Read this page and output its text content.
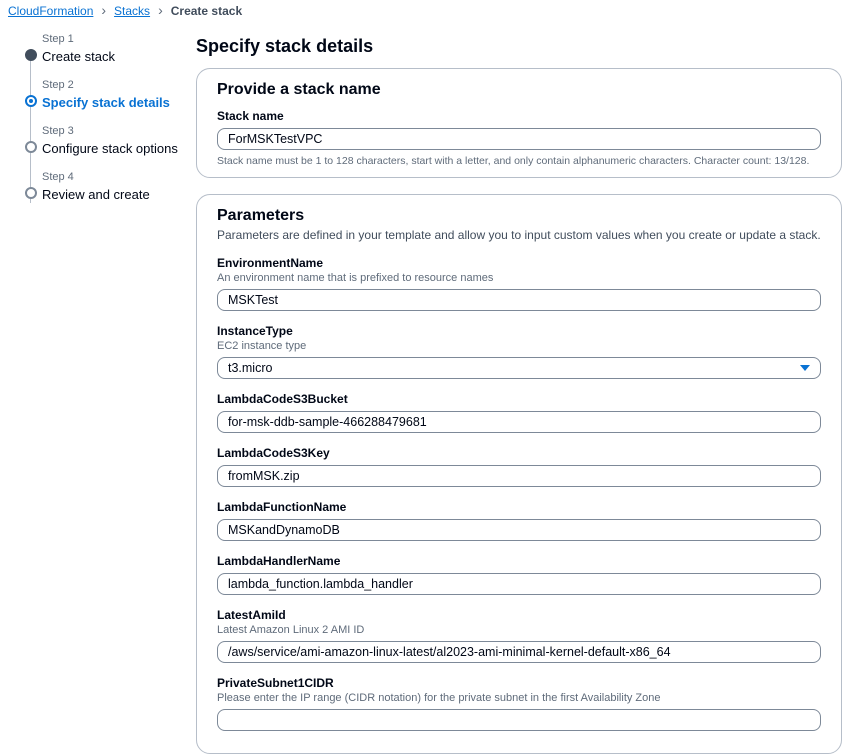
CloudFormation › Stacks › Create stack
Step 1
Create stack
Step 2
Specify stack details
Step 3
Configure stack options
Step 4
Review and create
Specify stack details
Provide a stack name
Stack name
ForMSKTestVPC
Stack name must be 1 to 128 characters, start with a letter, and only contain alphanumeric characters. Character count: 13/128.
Parameters
Parameters are defined in your template and allow you to input custom values when you create or update a stack.
EnvironmentName
An environment name that is prefixed to resource names
MSKTest
InstanceType
EC2 instance type
t3.micro
LambdaCodeS3Bucket
for-msk-ddb-sample-466288479681
LambdaCodeS3Key
fromMSK.zip
LambdaFunctionName
MSKandDynamoDB
LambdaHandlerName
lambda_function.lambda_handler
LatestAmiId
Latest Amazon Linux 2 AMI ID
/aws/service/ami-amazon-linux-latest/al2023-ami-minimal-kernel-default-x86_64
PrivateSubnet1CIDR
Please enter the IP range (CIDR notation) for the private subnet in the first Availability Zone
